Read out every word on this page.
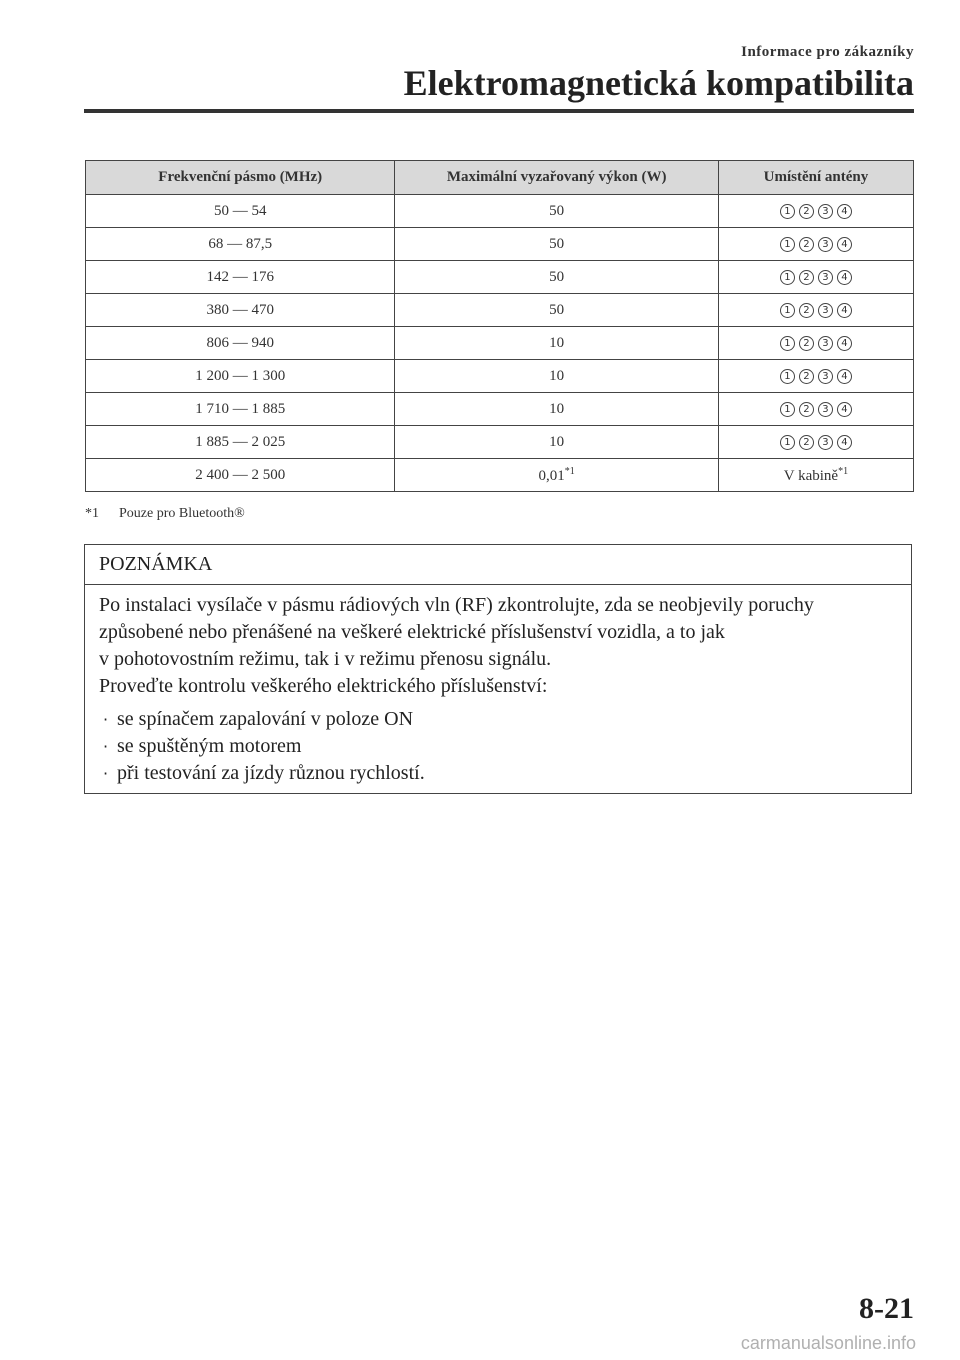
Informace pro zákazníky
Elektromagnetická kompatibilita
Frekvenční pásmo (MHz)	Maximální vyzařovaný výkon (W)	Umístění antény
50 — 54	50	1 2 3 4
68 — 87,5	50	1 2 3 4
142 — 176	50	1 2 3 4
380 — 470	50	1 2 3 4
806 — 940	10	1 2 3 4
1 200 — 1 300	10	1 2 3 4
1 710 — 1 885	10	1 2 3 4
1 885 — 2 025	10	1 2 3 4
2 400 — 2 500	0,01$^{*1}$	V kabině$^{*1}$
*1 Pouze pro Bluetooth®
POZNÁMKA

Po instalaci vysílače v pásmu rádiových vln (RF) zkontrolujte, zda se neobjevily poruchy

způsobené nebo přenášené na veškeré elektrické příslušenství vozidla, a to jak

v pohotovostním režimu, tak i v režimu přenosu signálu.

Proveďte kontrolu veškerého elektrického příslušenství:

· se spínačem zapalování v poloze ON
· se spuštěným motorem
· při testování za jízdy různou rychlostí.
8-21
carmanualsonline.info
